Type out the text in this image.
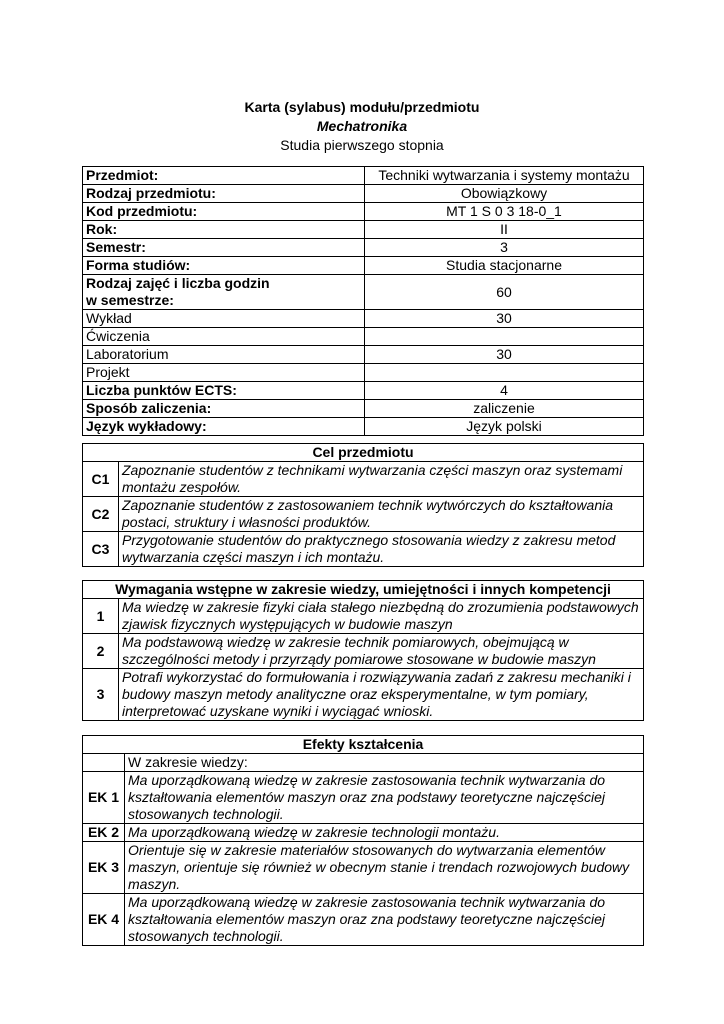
Karta (sylabus) modułu/przedmiotu
Mechatronika
Studia pierwszego stopnia
Przedmiot:	Techniki wytwarzania i systemy montażu
Rodzaj przedmiotu:	Obowiązkowy
Kod przedmiotu:	MT 1 S 0 3 18-0_1
Rok:	II
Semestr:	3
Forma studiów:	Studia stacjonarne

Rodzaj zajęć i liczba godzin
w semestrze:	60
Wykład	30
Ćwiczenia	
Laboratorium	30
Projekt	
Liczba punktów ECTS:	4
Sposób zaliczenia:	zaliczenie
Język wykładowy:	Język polski
Cel przedmiotu	
C1	Zapoznanie studentów z technikami wytwarzania części maszyn oraz systemami montażu zespołów.
C2	Zapoznanie studentów z zastosowaniem technik wytwórczych do kształtowania postaci, struktury i własności produktów.
C3	Przygotowanie studentów do praktycznego stosowania wiedzy z zakresu metod wytwarzania części maszyn i ich montażu.
Wymagania wstępne w zakresie wiedzy, umiejętności i innych kompetencji	
1	Ma wiedzę w zakresie fizyki ciała stałego niezbędną do zrozumienia podstawowych zjawisk fizycznych występujących w budowie maszyn
2	Ma podstawową wiedzę w zakresie technik pomiarowych, obejmującą w szczególności metody i przyrządy pomiarowe stosowane w budowie maszyn
3	Potrafi wykorzystać do formułowania i rozwiązywania zadań z zakresu mechaniki i budowy maszyn metody analityczne oraz eksperymentalne, w tym pomiary, interpretować uzyskane wyniki i wyciągać wnioski.
Efekty kształcenia	
	W zakresie wiedzy:
EK 1	Ma uporządkowaną wiedzę w zakresie zastosowania technik wytwarzania do kształtowania elementów maszyn oraz zna podstawy teoretyczne najczęściej stosowanych technologii.
EK 2	Ma uporządkowaną wiedzę w zakresie technologii montażu.
EK 3	Orientuje się w zakresie materiałów stosowanych do wytwarzania elementów maszyn, orientuje się również w obecnym stanie i trendach rozwojowych budowy maszyn.
EK 4	Ma uporządkowaną wiedzę w zakresie zastosowania technik wytwarzania do kształtowania elementów maszyn oraz zna podstawy teoretyczne najczęściej stosowanych technologii.
